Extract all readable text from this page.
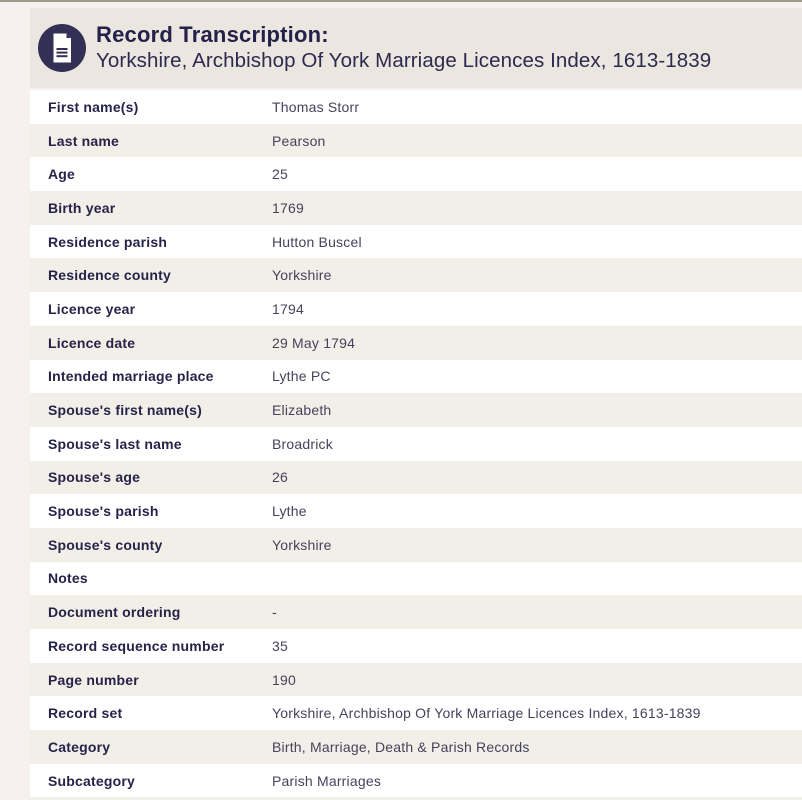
Record Transcription:
Yorkshire, Archbishop Of York Marriage Licences Index, 1613-1839
First name(s)	Thomas Storr
Last name	Pearson
Age	25
Birth year	1769
Residence parish	Hutton Buscel
Residence county	Yorkshire
Licence year	1794
Licence date	29 May 1794
Intended marriage place	Lythe PC
Spouse's first name(s)	Elizabeth
Spouse's last name	Broadrick
Spouse's age	26
Spouse's parish	Lythe
Spouse's county	Yorkshire
Notes
Document ordering	-
Record sequence number	35
Page number	190
Record set	Yorkshire, Archbishop Of York Marriage Licences Index, 1613-1839
Category	Birth, Marriage, Death & Parish Records
Subcategory	Parish Marriages
